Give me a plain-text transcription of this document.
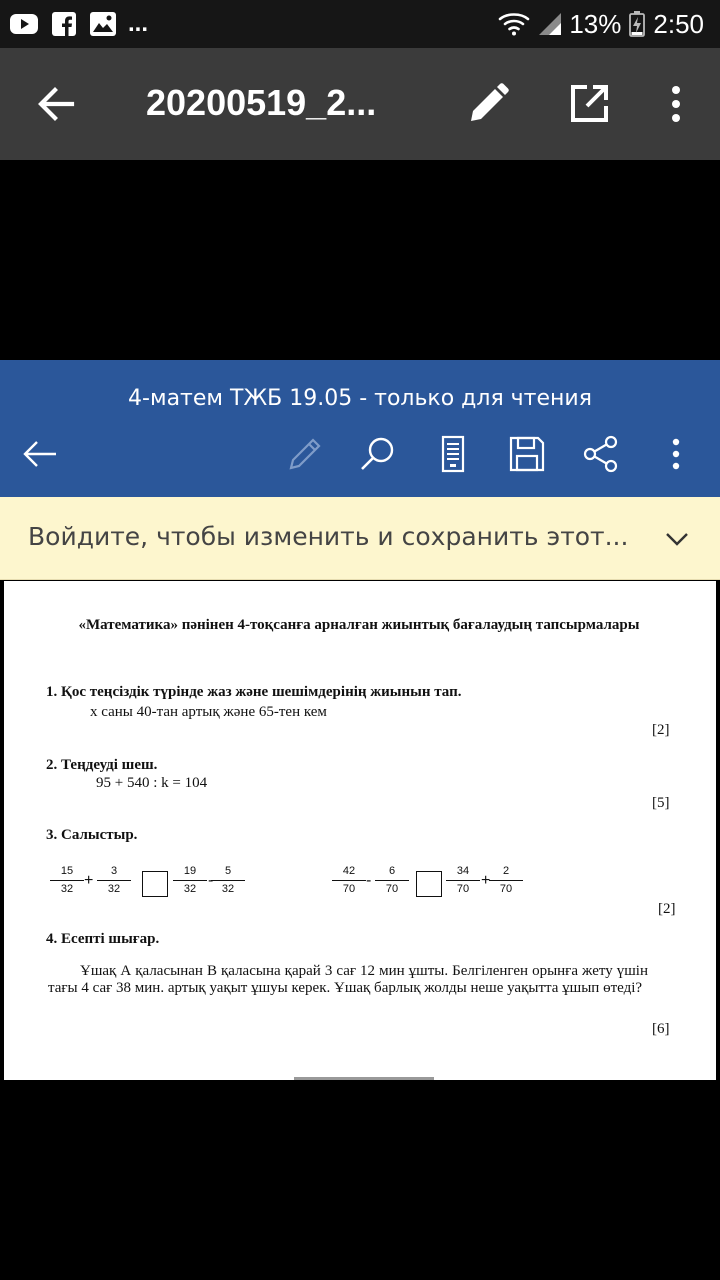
...	13% 2:50
20200519_2...
4-матем ТЖБ 19.05 - только для чтения
Войдите, чтобы изменить и сохранить этот...
«Математика» пәнінен 4-тоқсанға арналған жиынтық бағалаудың тапсырмалары
1. Қос теңсіздік түрінде жаз және шешімдерінің жиынын тап.
х саны 40-тан артық және 65-тен кем
[2]
2. Теңдеуді шеш.
95 + 540 : k = 104
[5]
3. Салыстыр.
$\frac{15}{32} + \frac{3}{32}$	$\frac{19}{32}$ -
$\frac{5}{32}$	$\frac{42}{70} - \frac{6}{70}$	$\frac{34}{70}$ +
$\frac{2}{70}$
[2]
4. Есепті шығар.
Ұшақ А қаласынан В қаласына қарай 3 сағ 12 мин ұшты. Белгіленген орынға жету үшін тағы 4 сағ 38 мин. артық уақыт ұшуы керек. Ұшақ барлық жолды неше уақытта ұшып өтеді?
[6]
